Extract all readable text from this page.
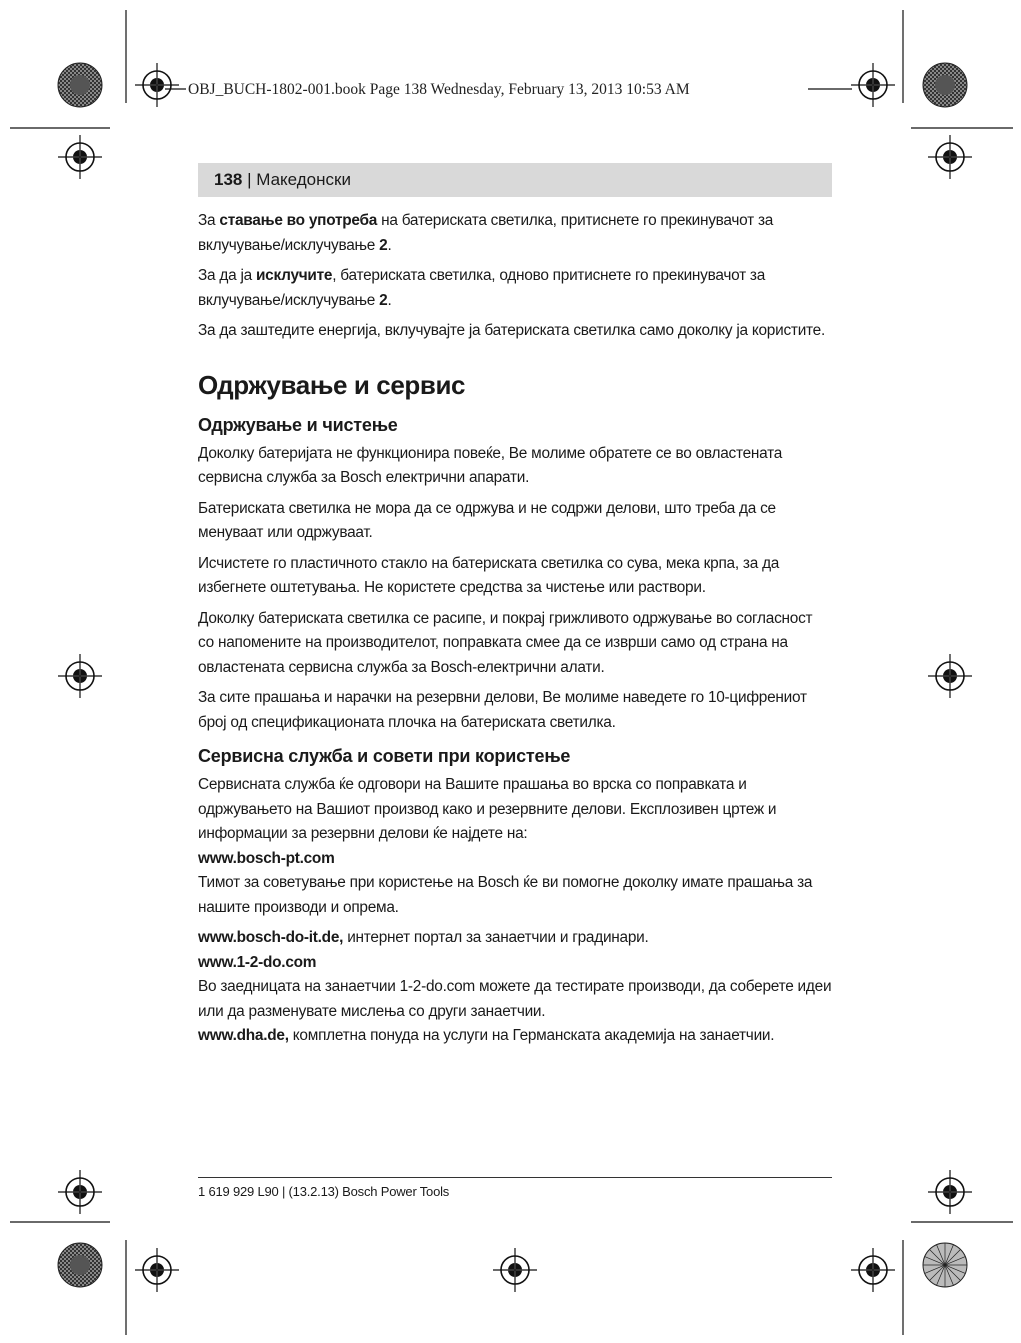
OBJ_BUCH-1802-001.book Page 138 Wednesday, February 13, 2013 10:53 AM
138 | Македонски

За ставање во употреба на батериската светилка, притиснете го прекинувачот за вклучување/исклучување 2.

За да ја исклучите, батериската светилка, одново притиснете го прекинувачот за вклучување/исклучување 2.

За да заштедите енергија, вклучувајте ја батериската светилка само доколку ја користите.

Одржување и сервис
Одржување и чистење

Доколку батеријата не функционира повеќе, Ве молиме обратете се во овластената сервисна служба за Bosch електрични апарати.

Батериската светилка не мора да се одржува и не содржи делови, што треба да се менуваат или одржуваат.

Исчистете го пластичното стакло на батериската светилка со сува, мека крпа, за да избегнете оштетувања. Не користете средства за чистење или раствори.

Доколку батериската светилка се расипе, и покрај грижливото одржување во согласност со напомените на производителот, поправката смее да се изврши само од страна на овластената сервисна служба за Bosch-електрични алати.

За сите прашања и нарачки на резервни делови, Ве молиме наведете го 10-цифрениот број од спецификационата плочка на батериската светилка.

Сервисна служба и совети при користење

Сервисната служба ќе одговори на Вашите прашања во врска со поправката и одржувањето на Вашиот производ како и резервните делови. Експлозивен цртеж и информации за резервни делови ќе најдете на:

www.bosch-pt.com

Тимот за советување при користење на Bosch ќе ви помогне доколку имате прашања за нашите производи и опрема.

www.bosch-do-it.de, интернет портал за занаетчии и градинари.

www.1-2-do.com

Во заедницата на занаетчии 1-2-do.com можете да тестирате производи, да соберете идеи или да разменувате мислења со други занаетчии.

www.dha.de, комплетна понуда на услуги на Германската академија на занаетчии.

1 619 929 L90 | (13.2.13) Bosch Power Tools
